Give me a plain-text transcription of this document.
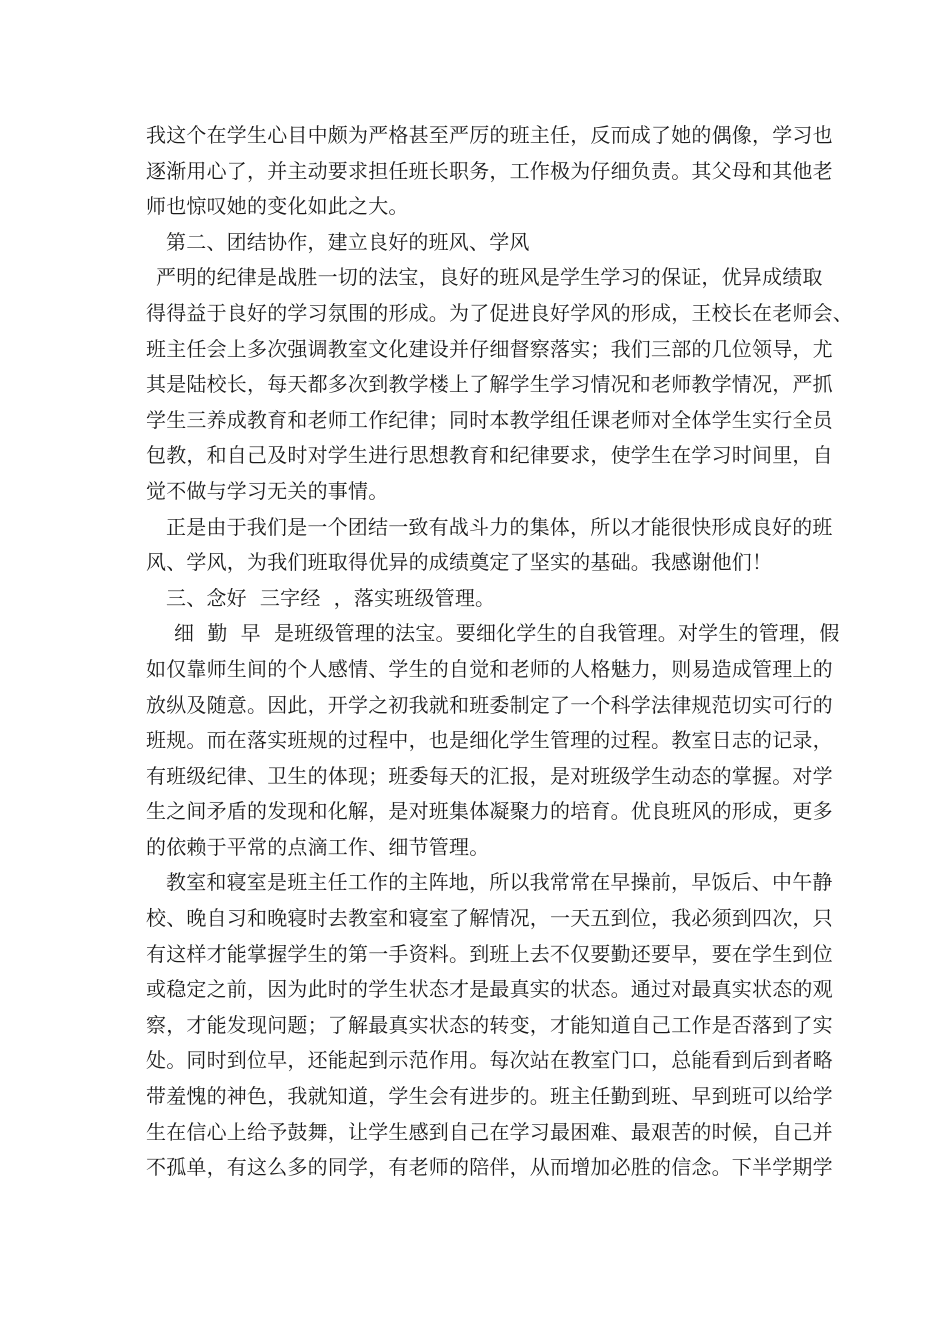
我这个在学生心目中颇为严格甚至严厉的班主任，反而成了她的偶像，学习也
逐渐用心了，并主动要求担任班长职务，工作极为仔细负责。其父母和其他老
师也惊叹她的变化如此之大。
第二、团结协作，建立良好的班风、学风
严明的纪律是战胜一切的法宝，良好的班风是学生学习的保证，优异成绩取
得得益于良好的学习氛围的形成。为了促进良好学风的形成，王校长在老师会、
班主任会上多次强调教室文化建设并仔细督察落实；我们三部的几位领导，尤
其是陆校长，每天都多次到教学楼上了解学生学习情况和老师教学情况，严抓
学生三养成教育和老师工作纪律；同时本教学组任课老师对全体学生实行全员
包教，和自己及时对学生进行思想教育和纪律要求，使学生在学习时间里，自
觉不做与学习无关的事情。
正是由于我们是一个团结一致有战斗力的集体，所以才能很快形成良好的班
风、学风，为我们班取得优异的成绩奠定了坚实的基础。我感谢他们！
三、念好  三字经  ，落实班级管理。
细  勤  早  是班级管理的法宝。要细化学生的自我管理。对学生的管理，假
如仅靠师生间的个人感情、学生的自觉和老师的人格魅力，则易造成管理上的
放纵及随意。因此，开学之初我就和班委制定了一个科学法律规范切实可行的
班规。而在落实班规的过程中，也是细化学生管理的过程。教室日志的记录，
有班级纪律、卫生的体现；班委每天的汇报，是对班级学生动态的掌握。对学
生之间矛盾的发现和化解，是对班集体凝聚力的培育。优良班风的形成，更多
的依赖于平常的点滴工作、细节管理。
教室和寝室是班主任工作的主阵地，所以我常常在早操前，早饭后、中午静
校、晚自习和晚寝时去教室和寝室了解情况，一天五到位，我必须到四次，只
有这样才能掌握学生的第一手资料。到班上去不仅要勤还要早，要在学生到位
或稳定之前，因为此时的学生状态才是最真实的状态。通过对最真实状态的观
察，才能发现问题；了解最真实状态的转变，才能知道自己工作是否落到了实
处。同时到位早，还能起到示范作用。每次站在教室门口，总能看到后到者略
带羞愧的神色，我就知道，学生会有进步的。班主任勤到班、早到班可以给学
生在信心上给予鼓舞，让学生感到自己在学习最困难、最艰苦的时候，自己并
不孤单，有这么多的同学，有老师的陪伴，从而增加必胜的信念。下半学期学
